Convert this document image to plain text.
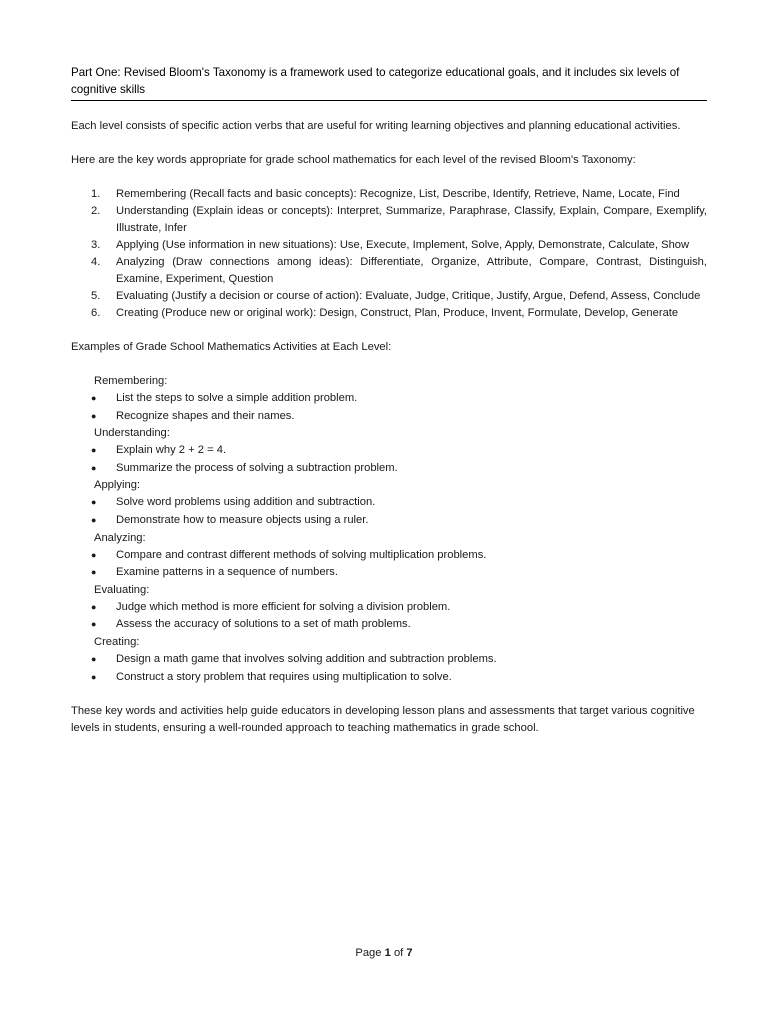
Part One: Revised Bloom's Taxonomy is a framework used to categorize educational goals, and it includes six levels of cognitive skills

Each level consists of specific action verbs that are useful for writing learning objectives and planning educational activities.

Here are the key words appropriate for grade school mathematics for each level of the revised Bloom's Taxonomy:

1.	Remembering (Recall facts and basic concepts): Recognize, List, Describe, Identify, Retrieve, Name, Locate, Find
2.	Understanding (Explain ideas or concepts): Interpret, Summarize, Paraphrase, Classify, Explain, Compare, Exemplify, Illustrate, Infer
3.	Applying (Use information in new situations): Use, Execute, Implement, Solve, Apply, Demonstrate, Calculate, Show
4.	Analyzing (Draw connections among ideas): Differentiate, Organize, Attribute, Compare, Contrast, Distinguish, Examine, Experiment, Question
5.	Evaluating (Justify a decision or course of action): Evaluate, Judge, Critique, Justify, Argue, Defend, Assess, Conclude
6.	Creating (Produce new or original work): Design, Construct, Plan, Produce, Invent, Formulate, Develop, Generate

Examples of Grade School Mathematics Activities at Each Level:

Remembering:
●	List the steps to solve a simple addition problem.
●	Recognize shapes and their names.
Understanding:
●	Explain why 2 + 2 = 4.
●	Summarize the process of solving a subtraction problem.
Applying:
●	Solve word problems using addition and subtraction.
●	Demonstrate how to measure objects using a ruler.
Analyzing:
●	Compare and contrast different methods of solving multiplication problems.
●	Examine patterns in a sequence of numbers.
Evaluating:
●	Judge which method is more efficient for solving a division problem.
●	Assess the accuracy of solutions to a set of math problems.
Creating:
●	Design a math game that involves solving addition and subtraction problems.
●	Construct a story problem that requires using multiplication to solve.

These key words and activities help guide educators in developing lesson plans and assessments that target various cognitive levels in students, ensuring a well-rounded approach to teaching mathematics in grade school.

Page 1 of 7
